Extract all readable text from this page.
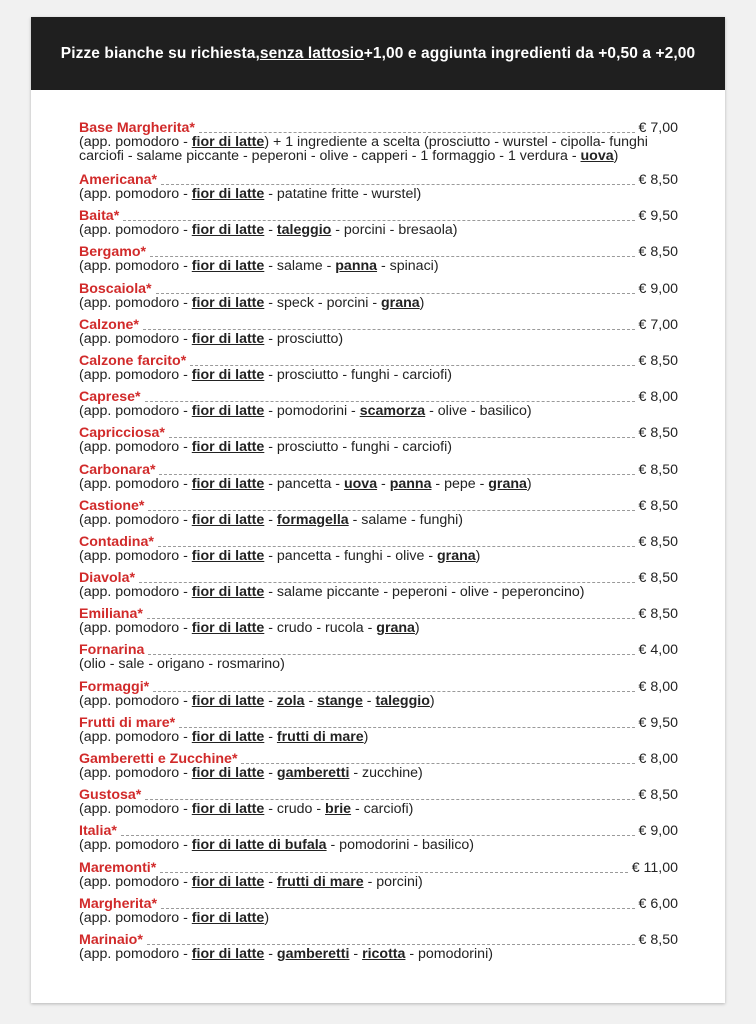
Pizze bianche su richiesta, senza lattosio +1,00 e aggiunta ingredienti da +0,50 a +2,00
Base Margherita*	€ 7,00
(app. pomodoro - fior di latte) + 1 ingrediente a scelta (prosciutto - wurstel - cipolla- funghi
carciofi - salame piccante - peperoni - olive - capperi - 1 formaggio - 1 verdura - uova)
Americana*	€ 8,50
(app. pomodoro - fior di latte - patatine fritte - wurstel)
Baita*	€ 9,50
(app. pomodoro - fior di latte - taleggio - porcini - bresaola)
Bergamo*	€ 8,50
(app. pomodoro - fior di latte - salame - panna - spinaci)
Boscaiola*	€ 9,00
(app. pomodoro - fior di latte - speck - porcini - grana)
Calzone*	€ 7,00
(app. pomodoro - fior di latte - prosciutto)
Calzone farcito*	€ 8,50
(app. pomodoro - fior di latte - prosciutto - funghi - carciofi)
Caprese*	€ 8,00
(app. pomodoro - fior di latte - pomodorini - scamorza - olive - basilico)
Capricciosa*	€ 8,50
(app. pomodoro - fior di latte - prosciutto - funghi - carciofi)
Carbonara*	€ 8,50
(app. pomodoro - fior di latte - pancetta - uova - panna - pepe - grana)
Castione*	€ 8,50
(app. pomodoro - fior di latte - formagella - salame - funghi)
Contadina*	€ 8,50
(app. pomodoro - fior di latte - pancetta - funghi - olive - grana)
Diavola*	€ 8,50
(app. pomodoro - fior di latte - salame piccante - peperoni - olive - peperoncino)
Emiliana*	€ 8,50
(app. pomodoro - fior di latte - crudo - rucola - grana)
Fornarina	€ 4,00
(olio - sale - origano - rosmarino)
Formaggi*	€ 8,00
(app. pomodoro - fior di latte - zola - stange - taleggio)
Frutti di mare*	€ 9,50
(app. pomodoro - fior di latte - frutti di mare)
Gamberetti e Zucchine*	€ 8,00
(app. pomodoro - fior di latte - gamberetti - zucchine)
Gustosa*	€ 8,50
(app. pomodoro - fior di latte - crudo - brie - carciofi)
Italia*	€ 9,00
(app. pomodoro - fior di latte di bufala - pomodorini - basilico)
Maremonti*	€ 11,00
(app. pomodoro - fior di latte - frutti di mare - porcini)
Margherita*	€ 6,00
(app. pomodoro - fior di latte)
Marinaio*	€ 8,50
(app. pomodoro - fior di latte - gamberetti - ricotta - pomodorini)
